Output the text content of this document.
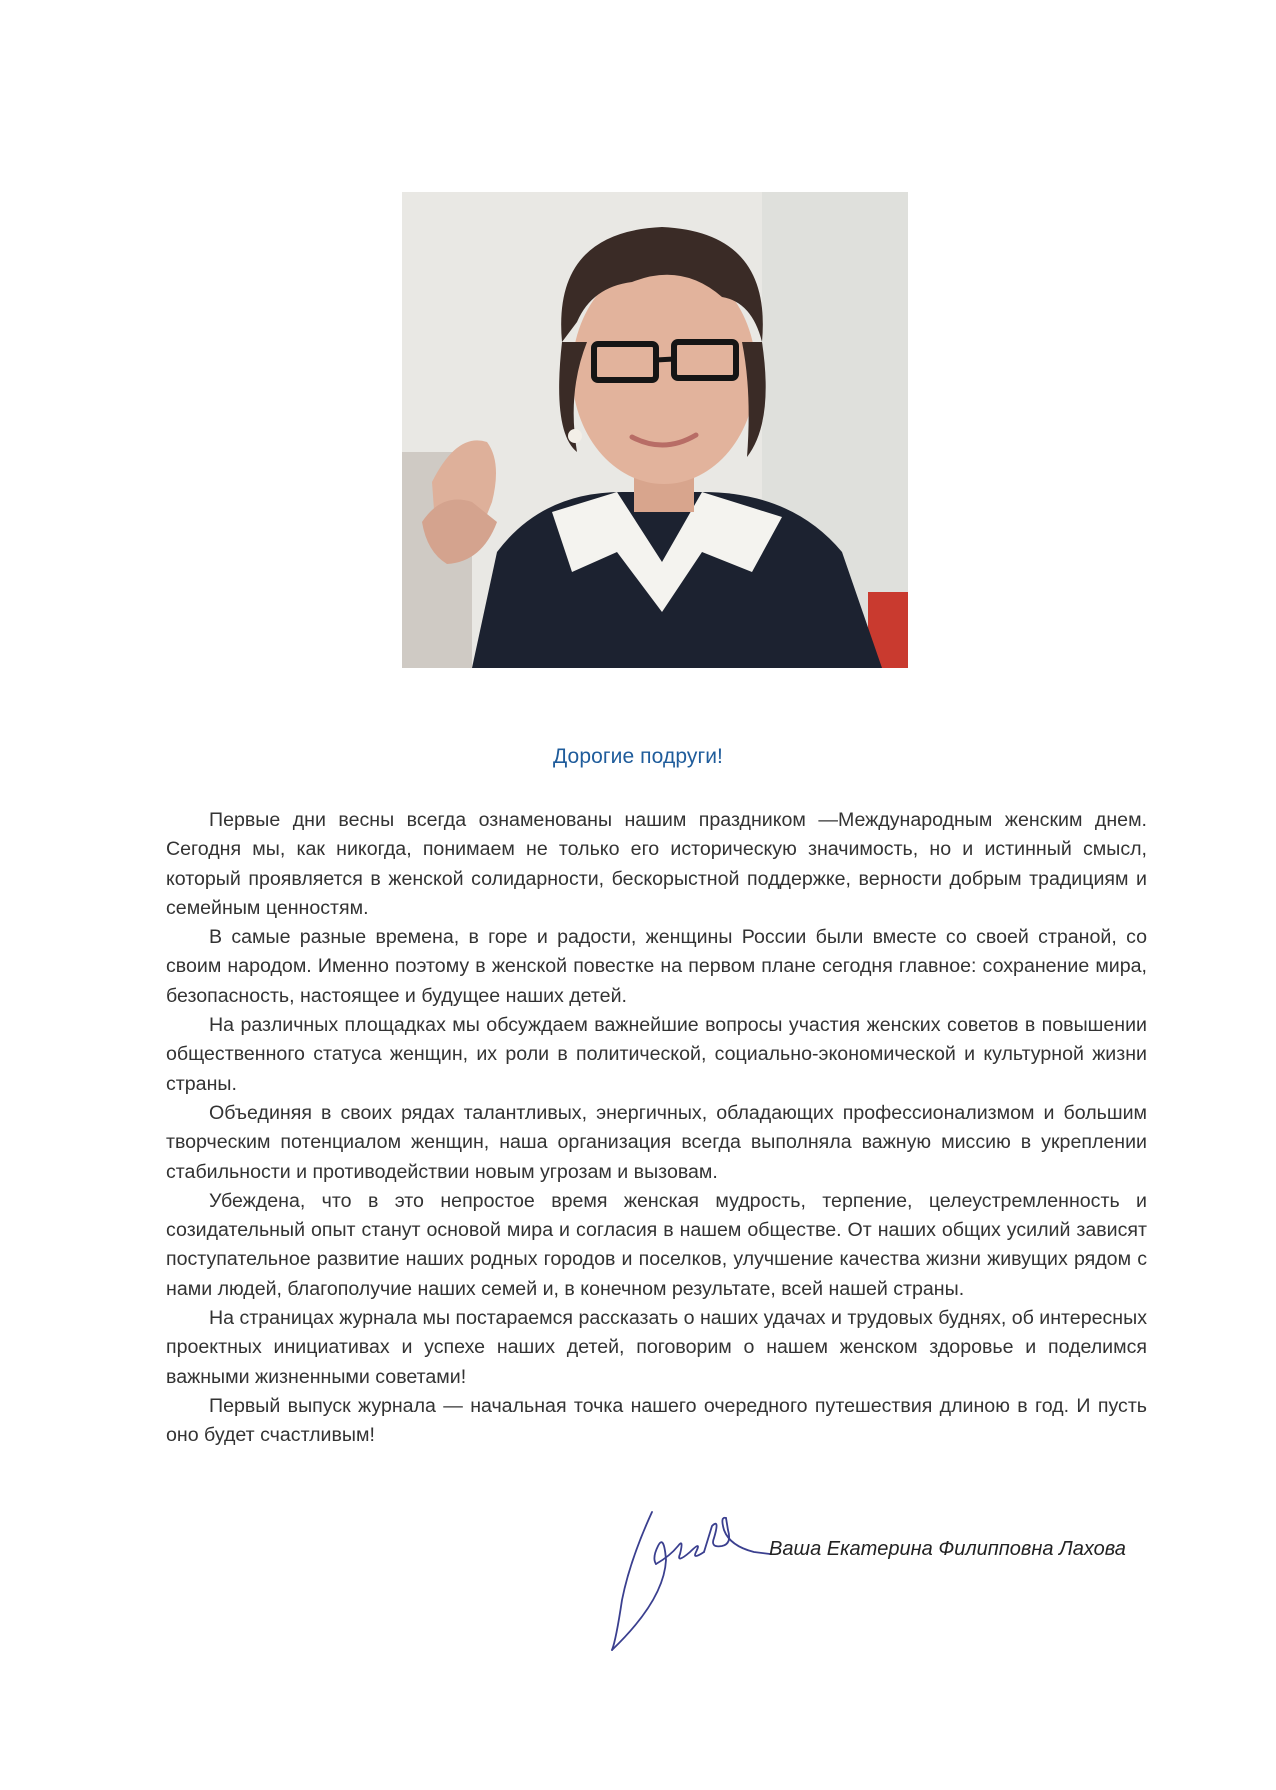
Дорогие подруги!

Первые дни весны всегда ознаменованы нашим праздником —Международным женским днем. Сегодня мы, как никогда, понимаем не только его историческую значимость, но и истинный смысл, который проявляется в женской солидарности, бескорыстной поддержке, верности добрым традициям и семейным ценностям.

В самые разные времена, в горе и радости, женщины России были вместе со своей страной, со своим народом. Именно поэтому в женской повестке на первом плане сегодня главное: сохранение мира, безопасность, настоящее и будущее наших детей.

На различных площадках мы обсуждаем важнейшие вопросы участия женских советов в повышении общественного статуса женщин, их роли в политической, социально-экономической и культурной жизни страны.

Объединяя в своих рядах талантливых, энергичных, обладающих профессионализмом и большим творческим потенциалом женщин, наша организация всегда выполняла важную миссию в укреплении стабильности и противодействии новым угрозам и вызовам.

Убеждена, что в это непростое время женская мудрость, терпение, целеустремленность и созидательный опыт станут основой мира и согласия в нашем обществе. От наших общих усилий зависят поступательное развитие наших родных городов и поселков, улучшение качества жизни живущих рядом с нами людей, благополучие наших семей и, в конечном результате, всей нашей страны.

На страницах журнала мы постараемся рассказать о наших удачах и трудовых буднях, об интересных проектных инициативах и успехе наших детей, поговорим о нашем женском здоровье и поделимся важными жизненными советами!

Первый выпуск журнала — начальная точка нашего очередного путешествия длиною в год. И пусть оно будет счастливым!

Ваша Екатерина Филипповна Лахова
